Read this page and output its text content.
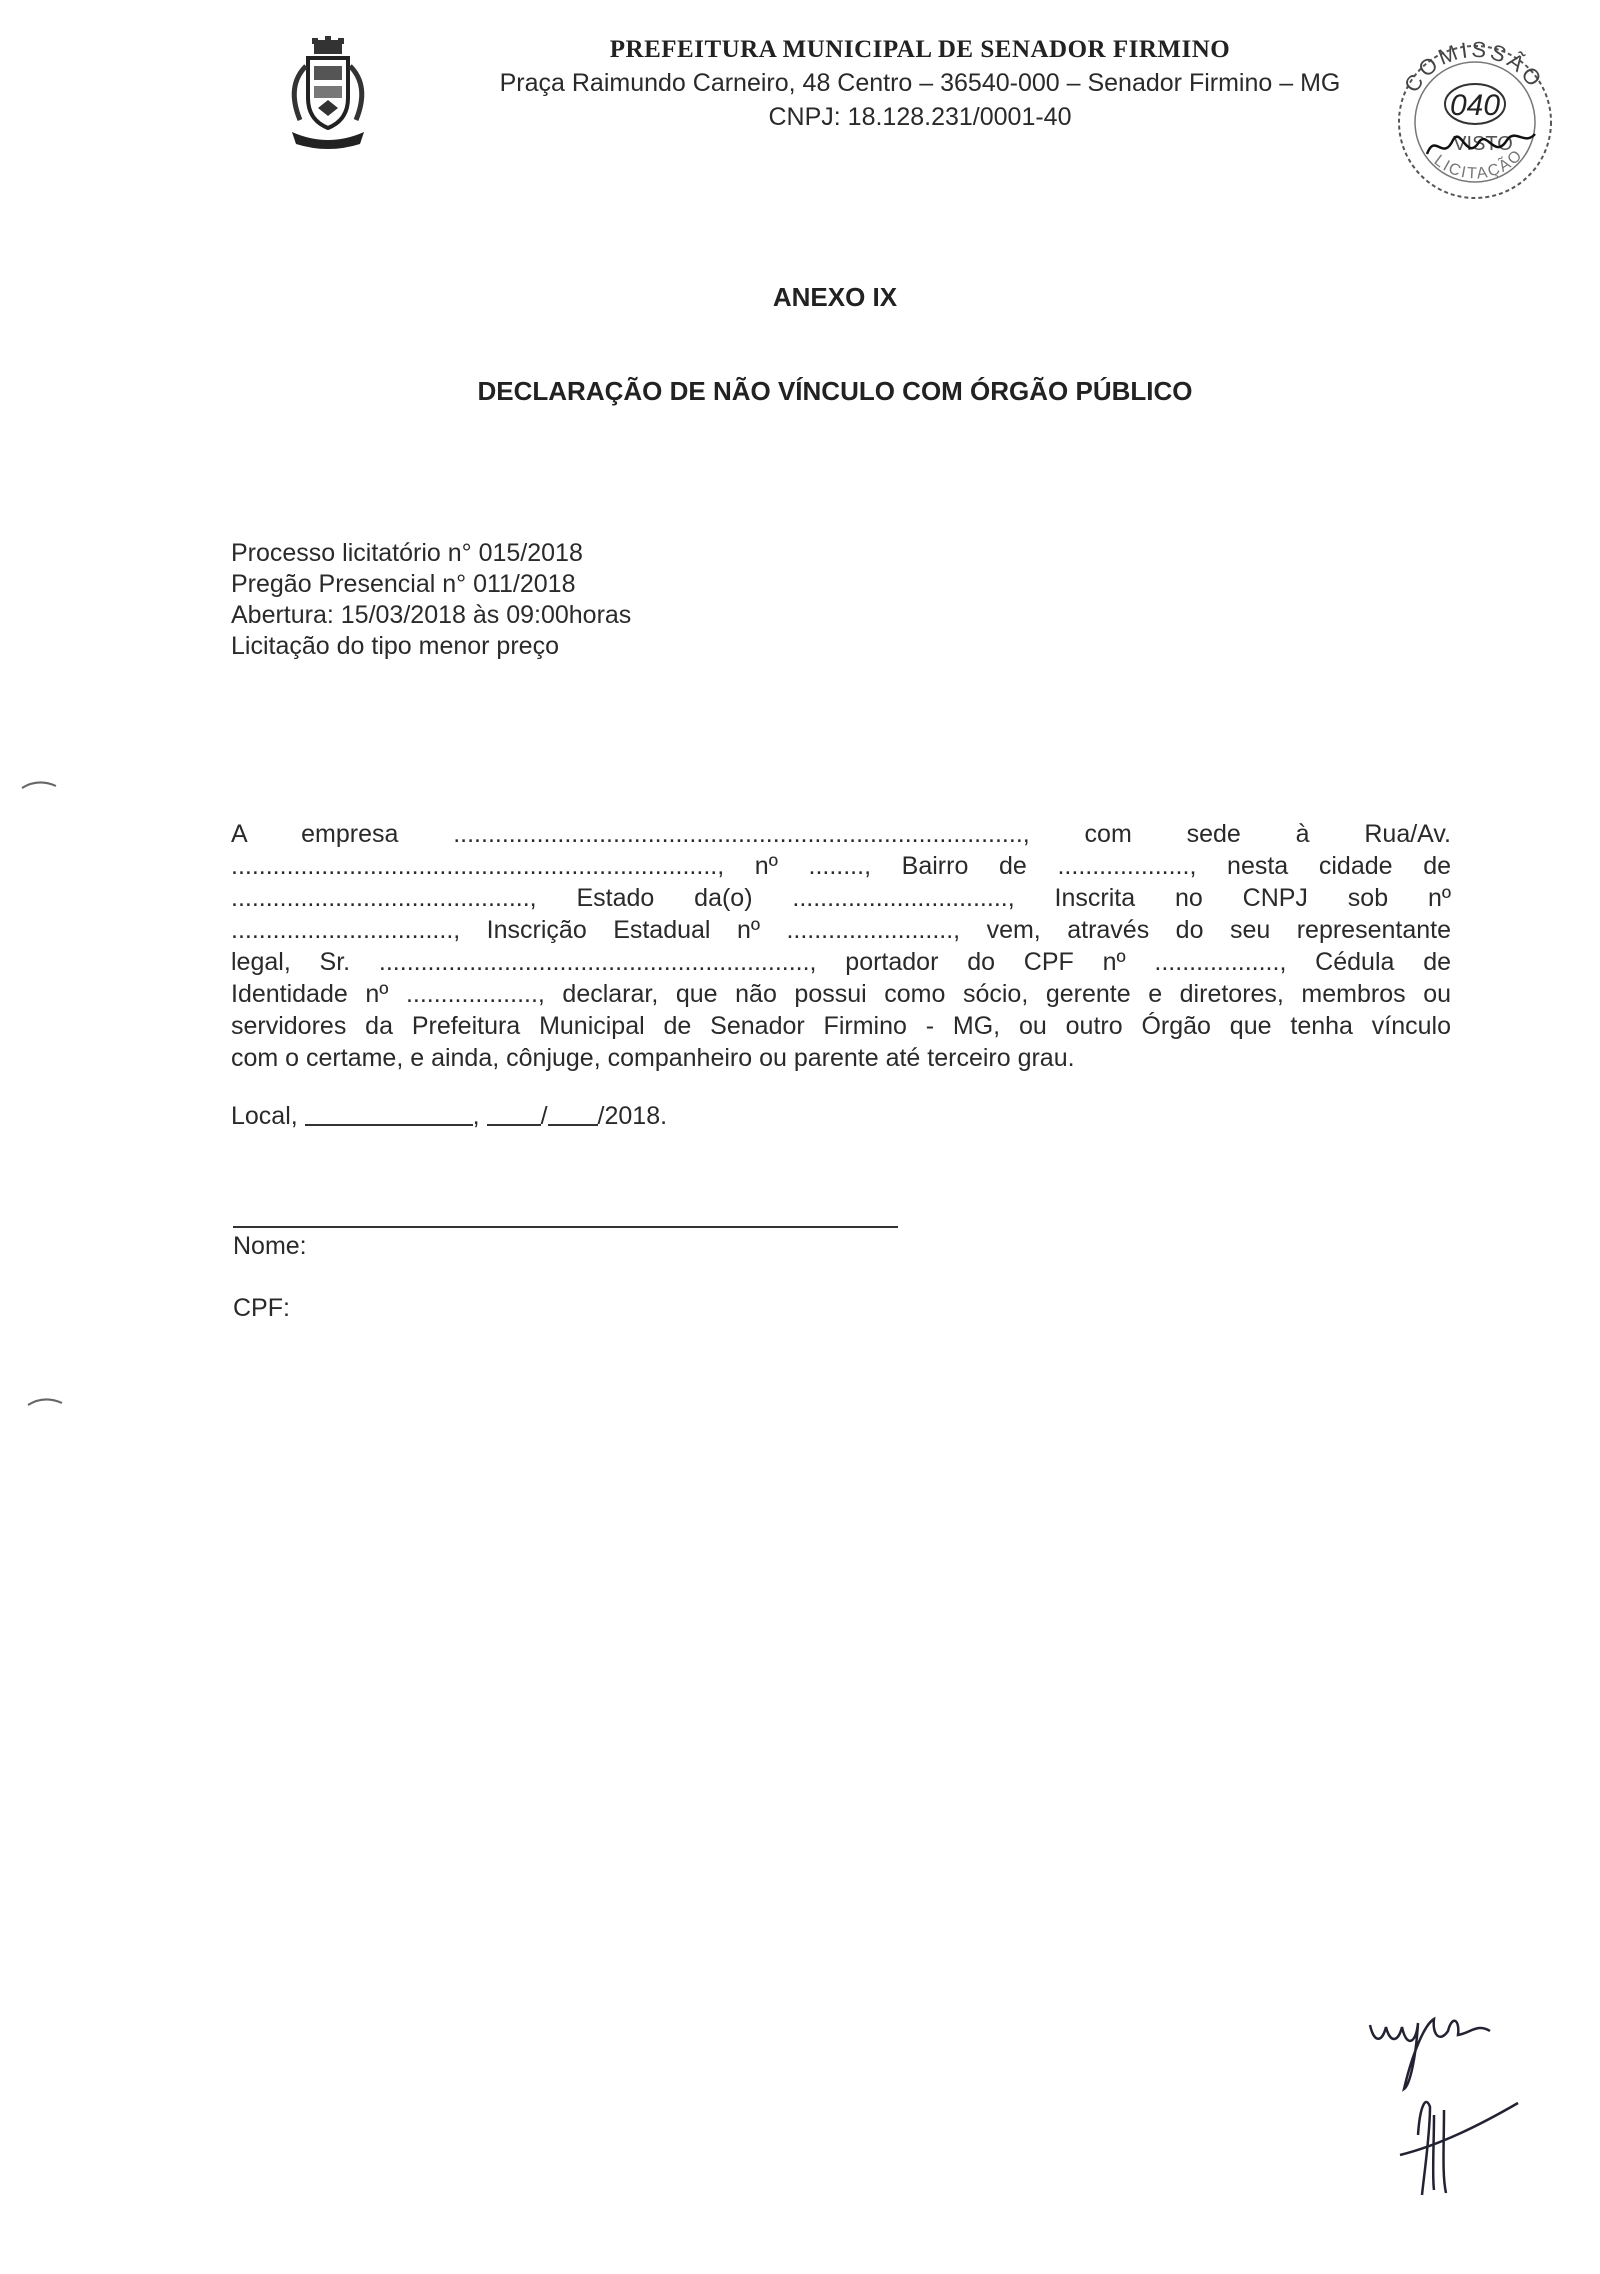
PREFEITURA MUNICIPAL DE SENADOR FIRMINO
Praça Raimundo Carneiro, 48 Centro – 36540-000 – Senador Firmino – MG
CNPJ: 18.128.231/0001-40
COMISSÃO
040
VISTO
LICITAÇÃO
ANEXO IX
DECLARAÇÃO DE NÃO VÍNCULO COM ÓRGÃO PÚBLICO
Processo licitatório n° 015/2018
Pregão Presencial n° 011/2018
Abertura: 15/03/2018 às 09:00horas
Licitação do tipo menor preço
A empresa .................................................................................., com sede à Rua/Av.
......................................................................, nº ........, Bairro de ..................., nesta cidade de
..........................................., Estado da(o) ..............................., Inscrita no CNPJ sob nº
................................, Inscrição Estadual nº ........................, vem, através do seu representante
legal, Sr. .............................................................., portador do CPF nº .................., Cédula de
Identidade nº ..................., declarar, que não possui como sócio, gerente e diretores, membros ou
servidores da Prefeitura Municipal de Senador Firmino - MG, ou outro Órgão que tenha vínculo
com o certame, e ainda, cônjuge, companheiro ou parente até terceiro grau.
Local,	, / /2018.
Nome:
CPF:
